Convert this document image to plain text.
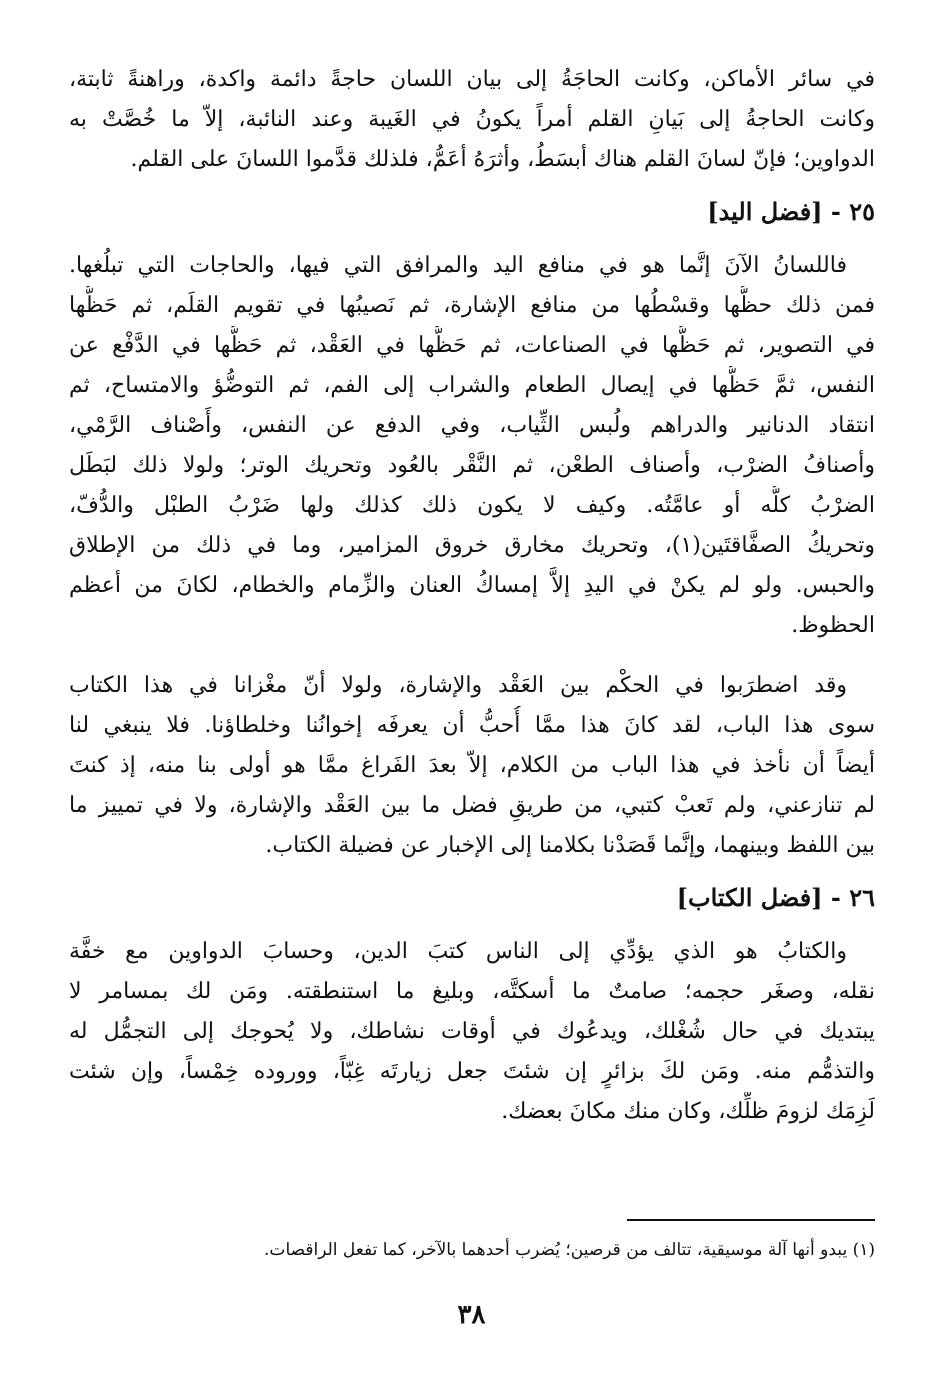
في سائر الأماكن، وكانت الحاجَةُ إلى بيان اللسان حاجةً دائمة واكدة، وراهنةً ثابتة،
وكانت الحاجةُ إلى بَيانِ القلم أمراً يكونُ في الغَيبة وعند النائبة، إلاّ ما خُصَّتْ به
الدواوين؛ فإنّ لسانَ القلم هناك أبسَطُ، وأثرَهُ أعَمُّ، فلذلك قدَّموا اللسانَ على القلم.
٢٥ - [فضل اليد]
فاللسانُ الآنَ إنَّما هو في منافع اليد والمرافق التي فيها، والحاجات التي تبلُغها.
فمن ذلك حظُّها وقسْطُها من منافع الإشارة، ثم نَصيبُها في تقويم القلَم، ثم حَظُّها
في التصوير، ثم حَظُّها في الصناعات، ثم حَظُّها في العَقْد، ثم حَظُّها في الدَّفْع عن
النفس، ثمَّ حَظُّها في إيصال الطعام والشراب إلى الفم، ثم التوضُّؤ والامتساح، ثم
انتقاد الدنانير والدراهم ولُبس الثِّياب، وفي الدفع عن النفس، وأَصْناف الرَّمْي،
وأصنافُ الضرْب، وأصناف الطعْن، ثم النَّقْر بالعُود وتحريك الوتر؛ ولولا ذلك لبَطَل
الضرْبُ كلُّه أو عامَّتُه. وكيف لا يكون ذلك كذلك ولها ضَرْبُ الطبْل والدُّفّ،
وتحريكُ الصفَّاقتَين(١)، وتحريك مخارق خروق المزامير، وما في ذلك من الإطلاق
والحبس. ولو لم يكنْ في اليدِ إلاَّ إمساكُ العنان والزِّمام والخطام، لكانَ من أعظم
الحظوظ.
وقد اضطرَبوا في الحكْم بين العَقْد والإشارة، ولولا أنّ مغْزانا في هذا الكتاب
سوى هذا الباب، لقد كانَ هذا ممَّا أُحبُّ أن يعرفَه إخوانُنا وخلطاؤنا. فلا ينبغي لنا
أيضاً أن نأخذ في هذا الباب من الكلام، إلاّ بعدَ الفَراغ ممَّا هو أولى بنا منه، إذ كنتَ
لم تنازعني، ولم تَعبْ كتبي، من طريقِ فضل ما بين العَقْد والإشارة، ولا في تمييز ما
بين اللفظ وبينهما، وإنَّما قَصَدْنا بكلامنا إلى الإخبار عن فضيلة الكتاب.
٢٦ - [فضل الكتاب]
والكتابُ هو الذي يؤدِّي إلى الناس كتبَ الدين، وحسابَ الدواوين مع خفَّة
نقله، وصغَر حجمه؛ صامتٌ ما أسكتَّه، وبليغ ما استنطقته. ومَن لك بمسامر لا
يبتديك في حال شُغْلك، ويدعُوك في أوقات نشاطك، ولا يُحوجك إلى التجمُّل له
والتذمُّم منه. ومَن لكَ بزائرٍ إن شئتَ جعل زيارتَه غِبّاً، ووروده خِمْساً، وإن شئت
لَزِمَك لزومَ ظلِّك، وكان منك مكانَ بعضك.
(١) يبدو أنها آلة موسيقية، تتالف من قرصين؛ يُضرب أحدهما بالآخر، كما تفعل الراقصات.
٣٨
